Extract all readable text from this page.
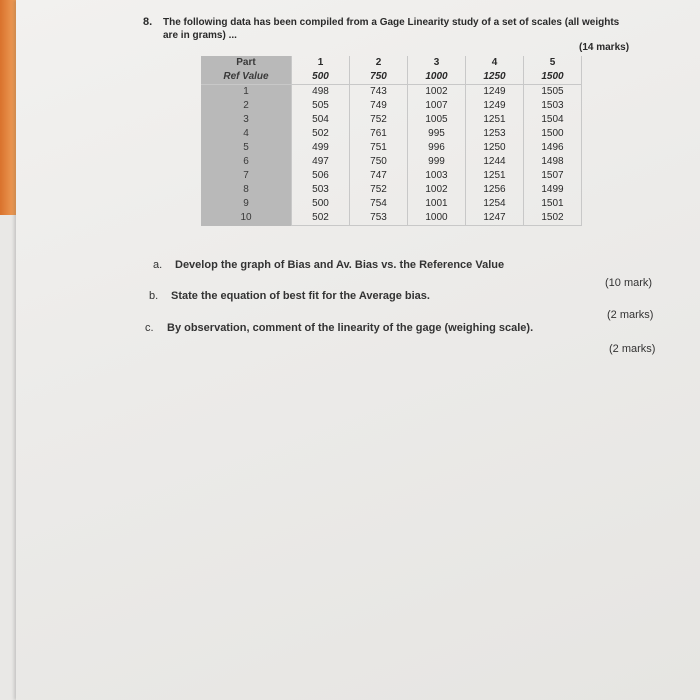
8. The following data has been compiled from a Gage Linearity study of a set of scales (all weights are in grams) ...
(14 marks)
Part	1	2	3	4	5
Ref Value	500	750	1000	1250	1500
1	498	743	1002	1249	1505
2	505	749	1007	1249	1503
3	504	752	1005	1251	1504
4	502	761	995	1253	1500
5	499	751	996	1250	1496
6	497	750	999	1244	1498
7	506	747	1003	1251	1507
8	503	752	1002	1256	1499
9	500	754	1001	1254	1501
10	502	753	1000	1247	1502
a. Develop the graph of Bias and Av. Bias vs. the Reference Value
(10 mark)
b. State the equation of best fit for the Average bias.
(2 marks)
c. By observation, comment of the linearity of the gage (weighing scale).
(2 marks)
